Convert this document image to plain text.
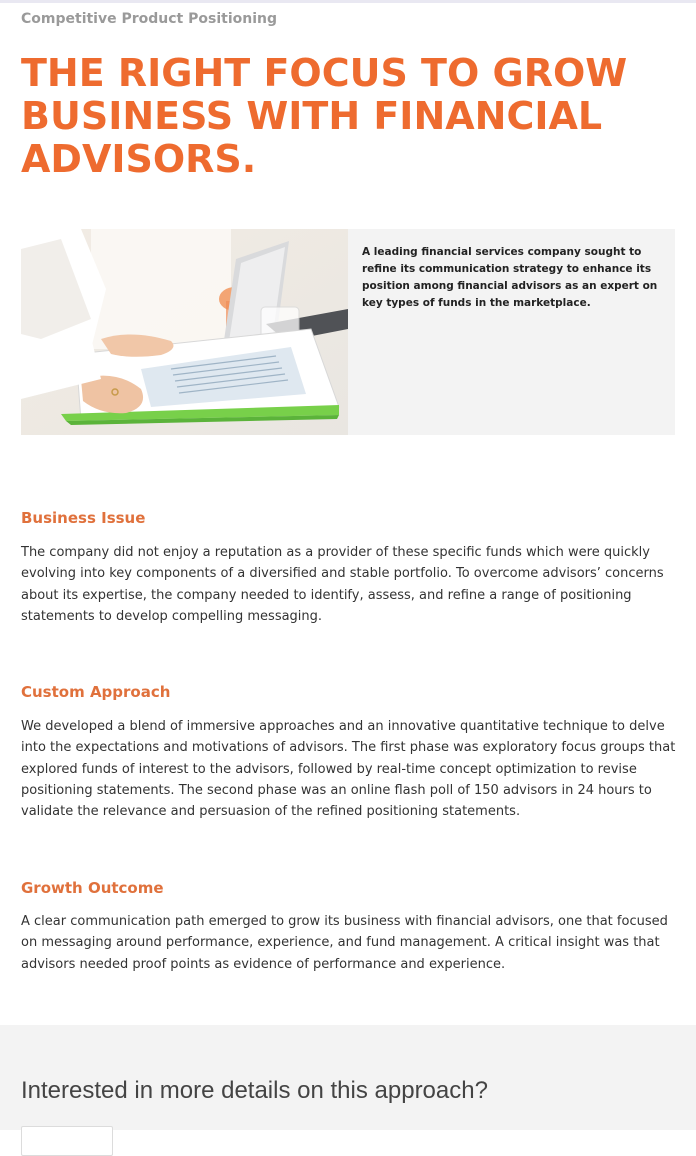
Competitive Product Positioning
THE RIGHT FOCUS TO GROW BUSINESS WITH FINANCIAL ADVISORS.
A leading financial services company sought to refine its communication strategy to enhance its position among financial advisors as an expert on key types of funds in the marketplace.
Business Issue
The company did not enjoy a reputation as a provider of these specific funds which were quickly evolving into key components of a diversified and stable portfolio. To overcome advisors’ concerns about its expertise, the company needed to identify, assess, and refine a range of positioning statements to develop compelling messaging.
Custom Approach
We developed a blend of immersive approaches and an innovative quantitative technique to delve into the expectations and motivations of advisors. The first phase was exploratory focus groups that explored funds of interest to the advisors, followed by real-time concept optimization to revise positioning statements. The second phase was an online flash poll of 150 advisors in 24 hours to validate the relevance and persuasion of the refined positioning statements.
Growth Outcome
A clear communication path emerged to grow its business with financial advisors, one that focused on messaging around performance, experience, and fund management. A critical insight was that advisors needed proof points as evidence of performance and experience.
Interested in more details on this approach?
